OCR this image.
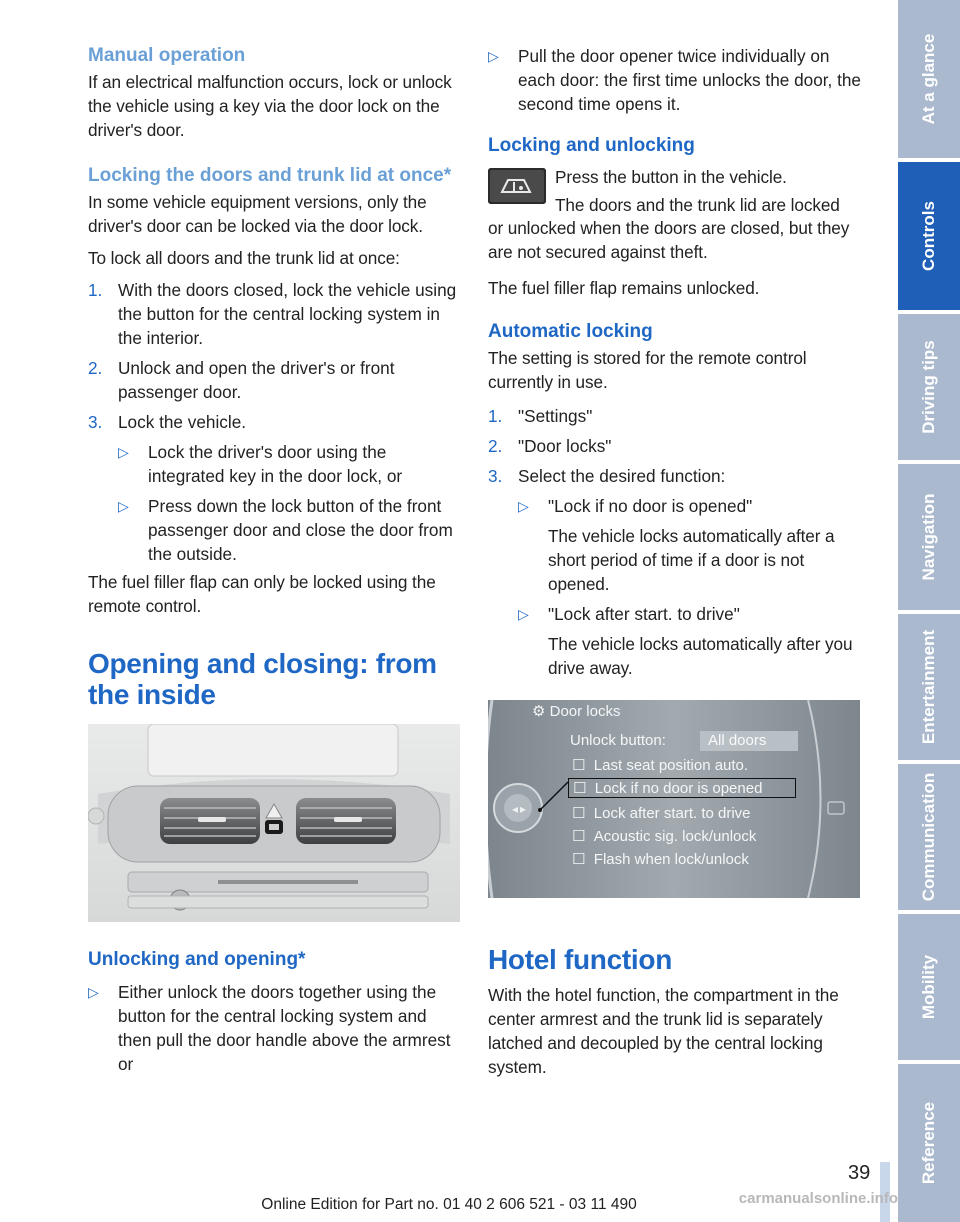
Manual operation

If an electrical malfunction occurs, lock or unlock the vehicle using a key via the door lock on the driver's door.

Locking the doors and trunk lid at once*

In some vehicle equipment versions, only the driver's door can be locked via the door lock.

To lock all doors and the trunk lid at once:

1. With the doors closed, lock the vehicle using the button for the central locking system in the interior.
2. Unlock and open the driver's or front passenger door.
3. Lock the vehicle.
▷	Lock the driver's door using the integrated key in the door lock, or
▷	Press down the lock button of the front passenger door and close the door from the outside.

The fuel filler flap can only be locked using the remote control.

Opening and closing: from the inside
Unlocking and opening*
▷	Either unlock the doors together using the button for the central locking system and then pull the door handle above the armrest or
▷	Pull the door opener twice individually on each door: the first time unlocks the door, the second time opens it.
Locking and unlocking

Press the button in the vehicle.

The doors and the trunk lid are locked

or unlocked when the doors are closed, but they are not secured against theft.

The fuel filler flap remains unlocked.

Automatic locking

The setting is stored for the remote control currently in use.

1. "Settings"
2. "Door locks"
3. Select the desired function:
▷	"Lock if no door is opened"

The vehicle locks automatically after a short period of time if a door is not opened.

▷	"Lock after start. to drive"

The vehicle locks automatically after you drive away.

◂ ▸
⚙ Door locks
Unlock button:	All doors
☐ Last seat position auto.
☐ Lock if no door is opened
☐ Lock after start. to drive
☐ Acoustic sig. lock/unlock
☐ Flash when lock/unlock
Hotel function

With the hotel function, the compartment in the center armrest and the trunk lid is separately latched and decoupled by the central locking system.

At a glance
Controls
Driving tips
Navigation
Entertainment
Communication
Mobility
Reference
39
Online Edition for Part no. 01 40 2 606 521 - 03 11 490	carmanualsonline.info
